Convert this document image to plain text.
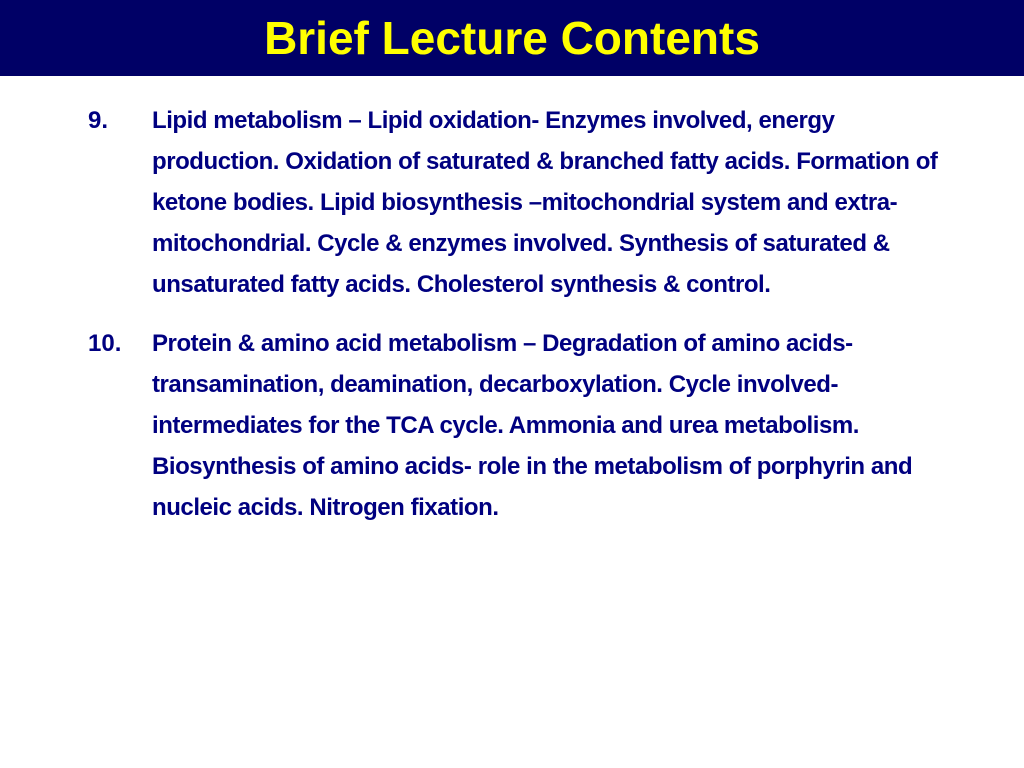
Brief Lecture Contents
9.	Lipid metabolism – Lipid oxidation- Enzymes involved, energy production. Oxidation of saturated & branched fatty acids. Formation of ketone bodies. Lipid biosynthesis –mitochondrial system and extra-mitochondrial. Cycle & enzymes involved. Synthesis of saturated & unsaturated fatty acids. Cholesterol synthesis & control.
10.	Protein & amino acid metabolism – Degradation of amino acids- transamination, deamination, decarboxylation. Cycle involved- intermediates for the TCA cycle. Ammonia and urea metabolism. Biosynthesis of amino acids- role in the metabolism of porphyrin and nucleic acids. Nitrogen fixation.
